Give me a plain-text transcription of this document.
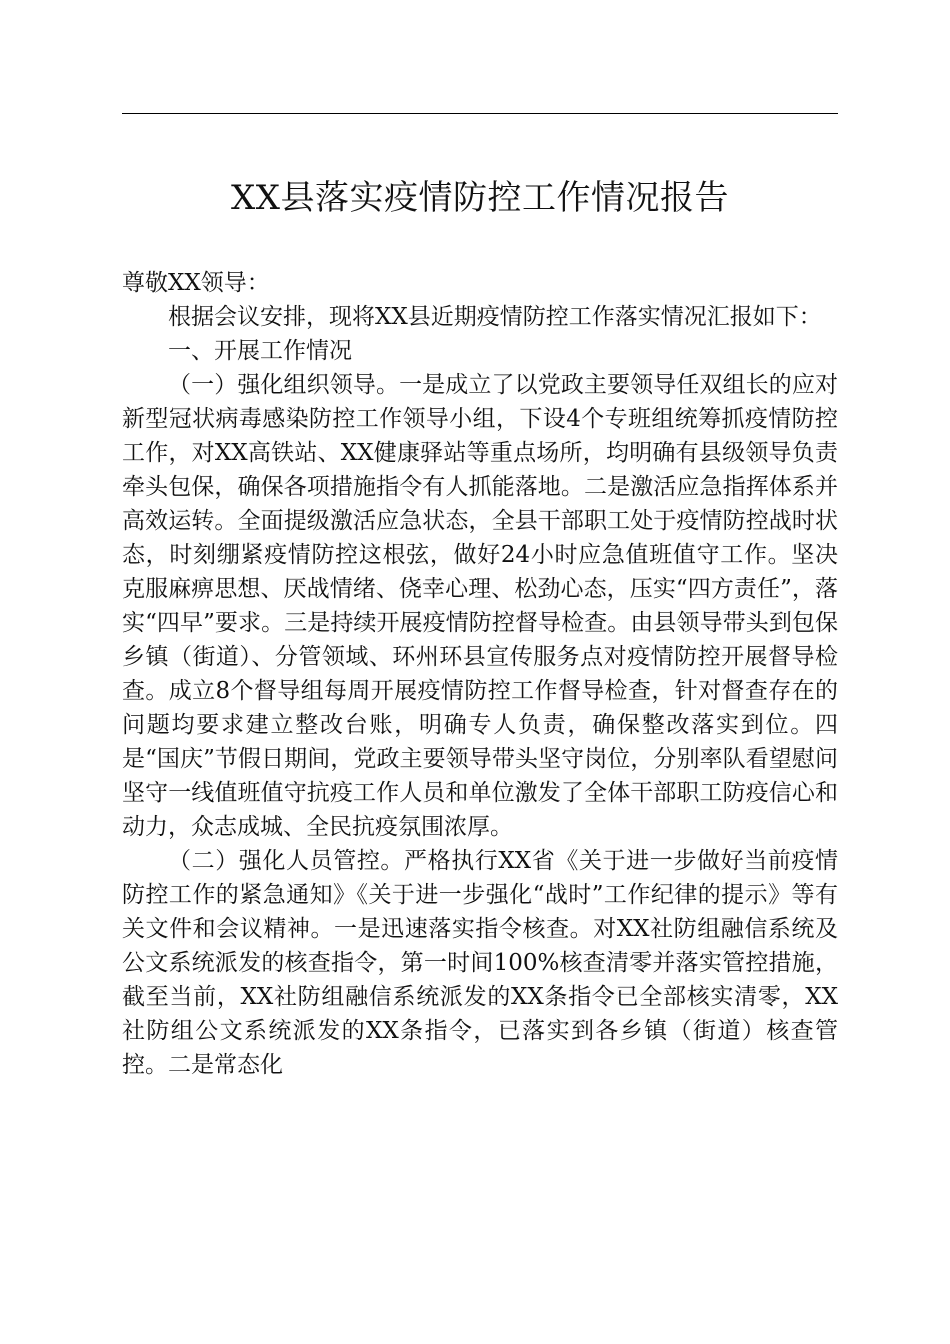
XX县落实疫情防控工作情况报告

尊敬XX领导：

根据会议安排，现将XX县近期疫情防控工作落实情况汇报如下：

一、开展工作情况

（一）强化组织领导。一是成立了以党政主要领导任双组长的应对新型冠状病毒感染防控工作领导小组，下设4个专班组统筹抓疫情防控工作，对XX高铁站、XX健康驿站等重点场所，均明确有县级领导负责牵头包保，确保各项措施指令有人抓能落地。二是激活应急指挥体系并高效运转。全面提级激活应急状态，全县干部职工处于疫情防控战时状态，时刻绷紧疫情防控这根弦，做好24小时应急值班值守工作。坚决克服麻痹思想、厌战情绪、侥幸心理、松劲心态，压实“四方责任”，落实“四早”要求。三是持续开展疫情防控督导检查。由县领导带头到包保乡镇（街道）、分管领域、环州环县宣传服务点对疫情防控开展督导检查。成立8个督导组每周开展疫情防控工作督导检查，针对督查存在的问题均要求建立整改台账，明确专人负责，确保整改落实到位。四是“国庆”节假日期间，党政主要领导带头坚守岗位，分别率队看望慰问坚守一线值班值守抗疫工作人员和单位激发了全体干部职工防疫信心和动力，众志成城、全民抗疫氛围浓厚。

（二）强化人员管控。严格执行XX省《关于进一步做好当前疫情防控工作的紧急通知》《关于进一步强化“战时”工作纪律的提示》等有关文件和会议精神。一是迅速落实指令核查。对XX社防组融信系统及公文系统派发的核查指令，第一时间100%核查清零并落实管控措施，截至当前，XX社防组融信系统派发的XX条指令已全部核实清零，XX社防组公文系统派发的XX条指令，已落实到各乡镇（街道）核查管控。二是常态化
